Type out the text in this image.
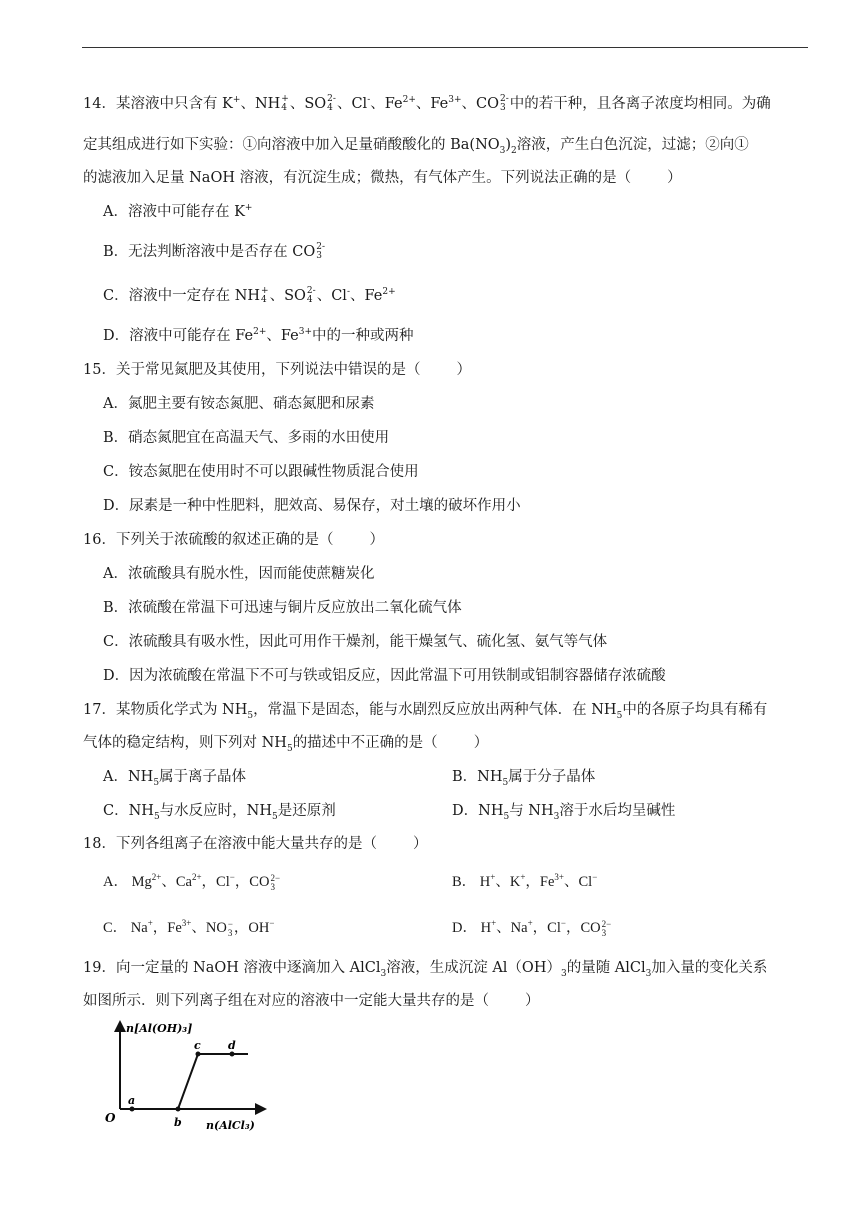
14．某溶液中只含有 K+、NH +
4 、SO 2-
4 、Cl-、$Fe^{2+}$、$Fe^{3+}$、CO 2-
3 中的若干种，且各离子浓度均相同。为确
定其组成进行如下实验：①向溶液中加入足量硝酸酸化的 $Ba(NO_3)_2$溶液，产生白色沉淀，过滤；②向①
的滤液加入足量 NaOH 溶液，有沉淀生成；微热，有气体产生。下列说法正确的是（ ）
A．溶液中可能存在 K+
B．无法判断溶液中是否存在 CO 2-
3
C．溶液中一定存在 NH +
4 、SO 2-
4 、Cl-、$Fe^{2+}$
D．溶液中可能存在 $Fe^{2+}$、$Fe^{3+}$中的一种或两种
15．关于常见氮肥及其使用，下列说法中错误的是（ ）
A．氮肥主要有铵态氮肥、硝态氮肥和尿素
B．硝态氮肥宜在高温天气、多雨的水田使用
C．铵态氮肥在使用时不可以跟碱性物质混合使用
D．尿素是一种中性肥料，肥效高、易保存，对土壤的破坏作用小
16．下列关于浓硫酸的叙述正确的是（ ）
A．浓硫酸具有脱水性，因而能使蔗糖炭化
B．浓硫酸在常温下可迅速与铜片反应放出二氧化硫气体
C．浓硫酸具有吸水性，因此可用作干燥剂，能干燥氢气、硫化氢、氨气等气体
D．因为浓硫酸在常温下不可与铁或铝反应，因此常温下可用铁制或铝制容器储存浓硫酸
17．某物质化学式为 $NH_5$，常温下是固态，能与水剧烈反应放出两种气体．在 $NH_5$中的各原子均具有稀有
气体的稳定结构，则下列对 $NH_5$的描述中不正确的是（ ）
A．$NH_5$属于离子晶体	B．$NH_5$属于分子晶体
C．$NH_5$与水反应时，$NH_5$是还原剂	D．$NH_5$与 $NH_3$溶于水后均呈碱性
18．下列各组离子在溶液中能大量共存的是（ ）
A． $Mg^{2+}$、$Ca^{2+}$，Cl−，CO 2−
3	B． H+、K+，$Fe^{3+}$、Cl−
C． Na+，$Fe^{3+}$、NO −
3 ，OH−	D． H+、Na+，Cl−，CO 2−
3
19．向一定量的 NaOH 溶液中逐滴加入 AlCl$_3$溶液，生成沉淀 $Al(OH)_3$的量随 AlCl$_3$加入量的变化关系
如图所示．则下列离子组在对应的溶液中一定能大量共存的是（ ）
n[Al(OH)₃]
n(AlCl₃)
O
a
b
c d
